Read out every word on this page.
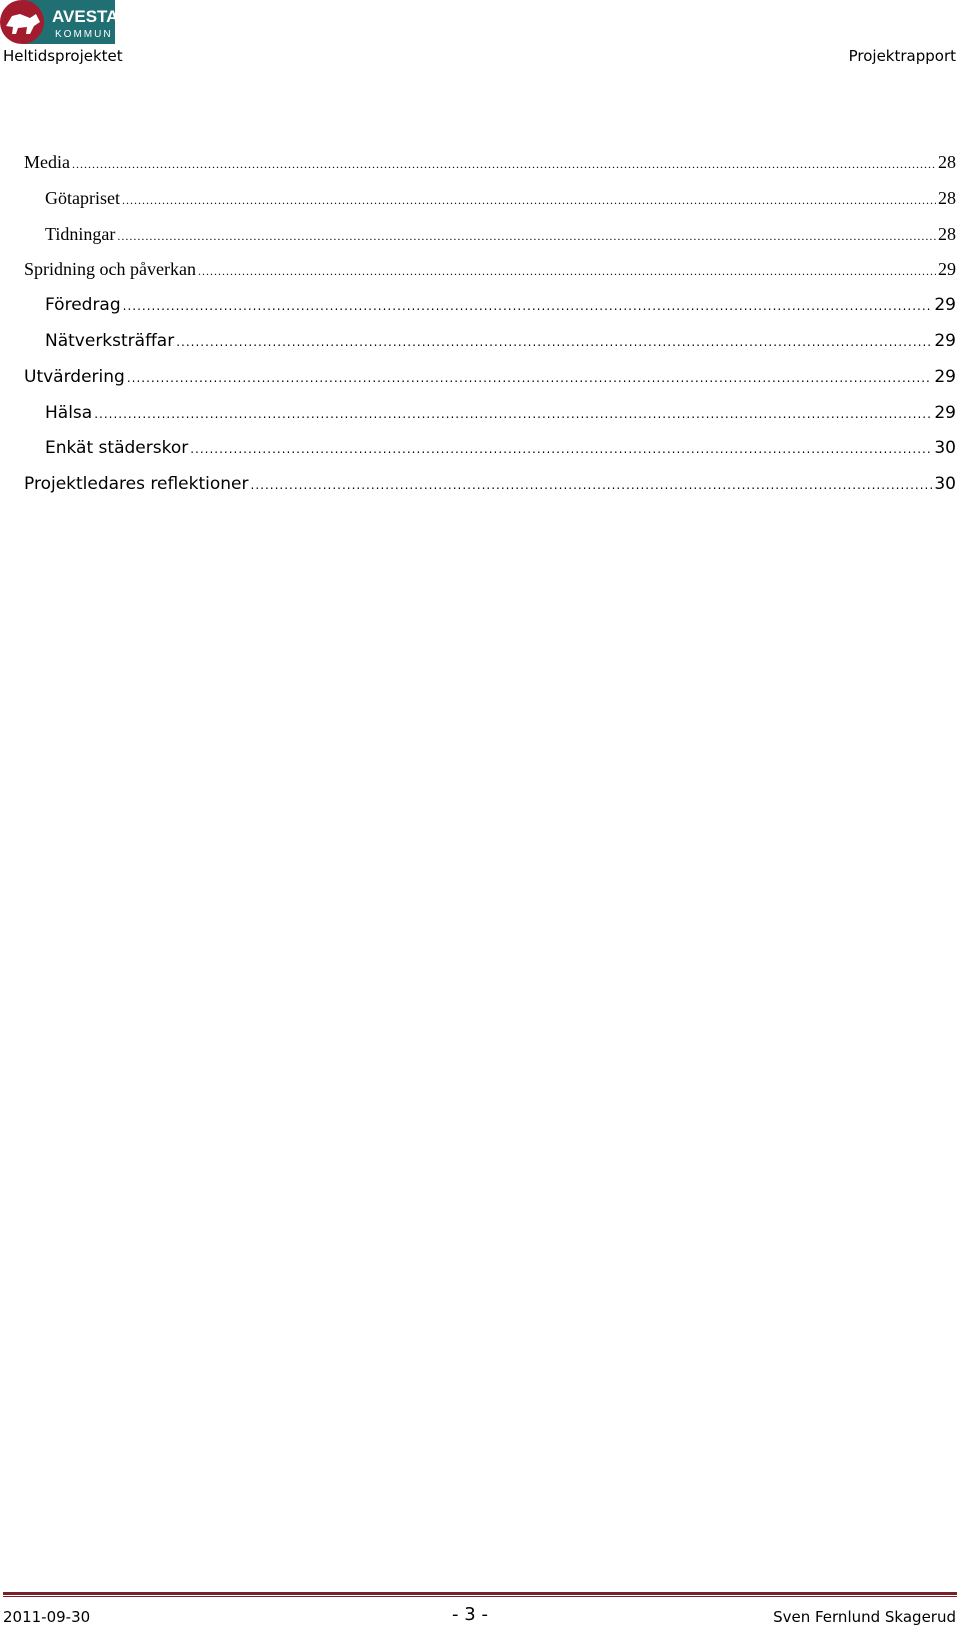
AVESTA
KOMMUN
Heltidsprojektet	Projektrapport
Media .....	28
Götapriset .....	28
Tidningar .....	28
Spridning och påverkan .....	29
Föredrag .....	29
Nätverksträffar .....	29
Utvärdering .....	29
Hälsa .....	29
Enkät städerskor .....	30
Projektledares reflektioner .....	30
2011-09-30	- 3 -	Sven Fernlund Skagerud
